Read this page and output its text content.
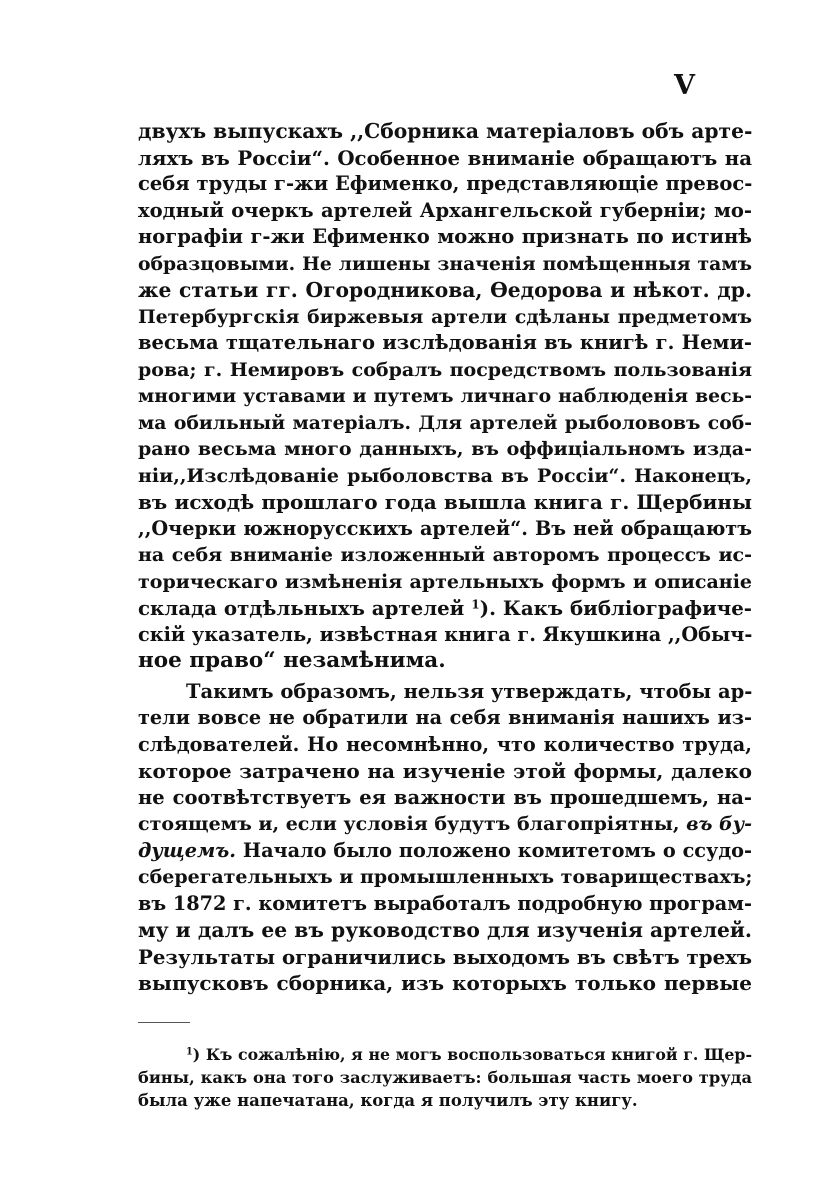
V
двухъ выпускахъ ,,Сборника матеріаловъ объ арте-
ляхъ въ Россіи“. Особенное вниманіе обращаютъ на
себя труды г-жи Ефименко, представляющіе превос-
ходный очеркъ артелей Архангельской губерніи; мо-
нографіи г-жи Ефименко можно признать по истинѣ
образцовыми. Не лишены значенія помѣщенныя тамъ
же статьи гг. Огородникова, Ѳедорова и нѣкот. др.
Петербургскія биржевыя артели сдѣланы предметомъ
весьма тщательнаго изслѣдованія въ книгѣ г. Неми-
рова; г. Немировъ собралъ посредствомъ пользованія
многими уставами и путемъ личнаго наблюденія весь-
ма обильный матеріалъ. Для артелей рыболововъ соб-
рано весьма много данныхъ, въ оффиціальномъ изда-
ніи,,Изслѣдованіе рыболовства въ Россіи“. Наконецъ,
въ исходѣ прошлаго года вышла книга г. Щербины
,,Очерки южнорусскихъ артелей“. Въ ней обращаютъ
на себя вниманіе изложенный авторомъ процессъ ис-
торическаго измѣненія артельныхъ формъ и описаніе
склада отдѣльныхъ артелей $^1$). Какъ библіографиче-
скій указатель, извѣстная книга г. Якушкина ,,Обыч-
ное право“ незамѣнима.
Такимъ образомъ, нельзя утверждать, чтобы ар-
тели вовсе не обратили на себя вниманія нашихъ из-
слѣдователей. Но несомнѣнно, что количество труда,
которое затрачено на изученіе этой формы, далеко
не соотвѣтствуетъ ея важности въ прошедшемъ, на-
стоящемъ и, если условія будутъ благопріятны, въ бу-
дущемъ. Начало было положено комитетомъ о ссудо-
сберегательныхъ и промышленныхъ товариществахъ;
въ 1872 г. комитетъ выработалъ подробную програм-
му и далъ ее въ руководство для изученія артелей.
Результаты ограничились выходомъ въ свѣтъ трехъ
выпусковъ сборника, изъ которыхъ только первые
$^1$) Къ сожалѣнію, я не могъ воспользоваться книгой г. Щер-
бины, какъ она того заслуживаетъ: большая часть моего труда
была уже напечатана, когда я получилъ эту книгу.
